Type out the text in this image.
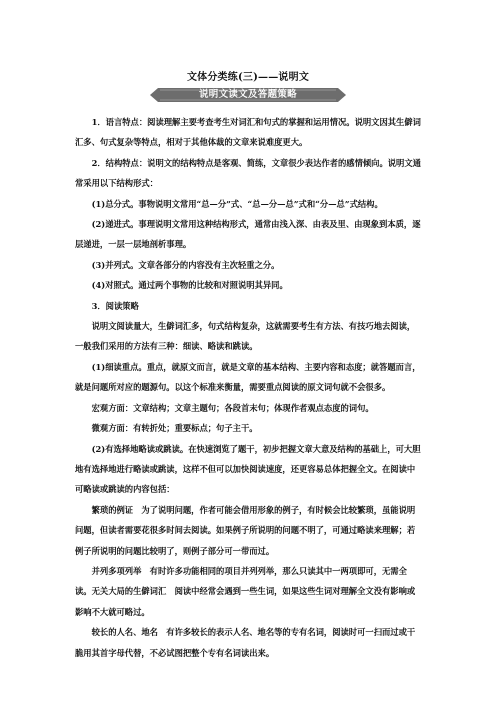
文体分类练(三)——说明文
说明文读文及答题策略

1．语言特点：阅读理解主要考查考生对词汇和句式的掌握和运用情况。说明文因其生僻词汇多、句式复杂等特点，相对于其他体裁的文章来说难度更大。

2．结构特点：说明文的结构特点是客观、简练，文章很少表达作者的感情倾向。说明文通常采用以下结构形式：

(1)总分式。事物说明文常用“总—分”式、“总—分—总”式和“分—总”式结构。

(2)递进式。事理说明文常用这种结构形式，通常由浅入深、由表及里、由现象到本质，逐层递进，一层一层地剖析事理。

(3)并列式。文章各部分的内容没有主次轻重之分。

(4)对照式。通过两个事物的比较和对照说明其异同。

3．阅读策略

说明文阅读量大，生僻词汇多，句式结构复杂，这就需要考生有方法、有技巧地去阅读，一般我们采用的方法有三种：细读、略读和跳读。

(1)细读重点。重点，就原文而言，就是文章的基本结构、主要内容和态度；就答题而言，就是问题所对应的题源句。以这个标准来衡量，需要重点阅读的原文词句就不会很多。

宏观方面：文章结构；文章主题句；各段首末句；体现作者观点态度的词句。

微观方面：有转折处；重要标点；句子主干。

(2)有选择地略读或跳读。在快速浏览了题干，初步把握文章大意及结构的基础上，可大胆地有选择地进行略读或跳读，这样不但可以加快阅读速度，还更容易总体把握全文。在阅读中可略读或跳读的内容包括：

繁琐的例证　为了说明问题，作者可能会借用形象的例子，有时候会比较繁琐，虽能说明问题，但读者需要花很多时间去阅读。如果例子所说明的问题不明了，可通过略读来理解；若例子所说明的问题比较明了，则例子部分可一带而过。

并列多项列举　有时许多功能相同的项目并列列举，那么只读其中一两项即可，无需全读。无关大局的生僻词汇　阅读中经常会遇到一些生词，如果这些生词对理解全文没有影响或影响不大就可略过。

较长的人名、地名　有许多较长的表示人名、地名等的专有名词，阅读时可一扫而过或干脆用其首字母代替，不必试图把整个专有名词读出来。
